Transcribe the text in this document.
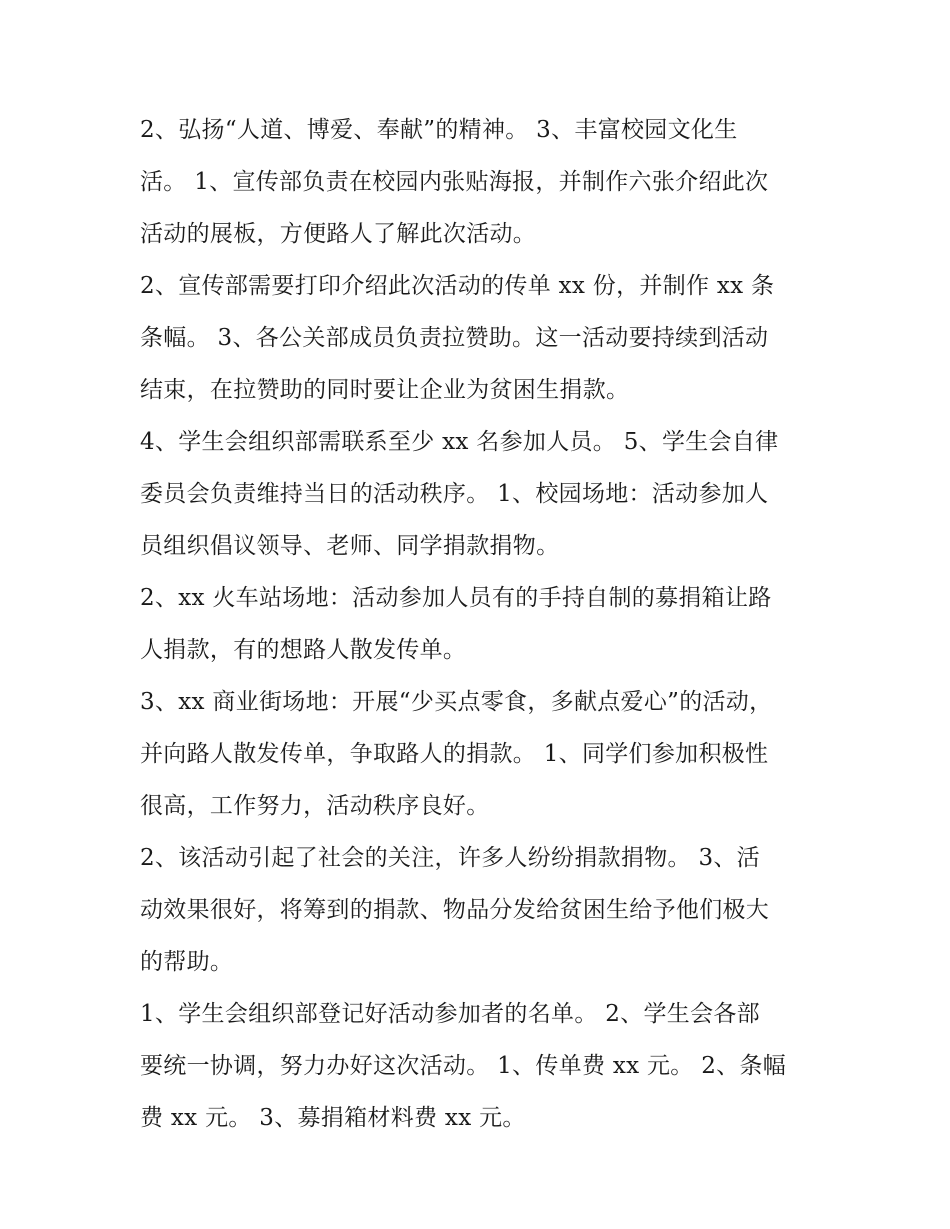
2、弘扬“人道、博爱、奉献”的精神。 3、丰富校园文化生
活。 1、宣传部负责在校园内张贴海报，并制作六张介绍此次
活动的展板，方便路人了解此次活动。
2、宣传部需要打印介绍此次活动的传单 xx 份，并制作 xx 条
条幅。 3、各公关部成员负责拉赞助。这一活动要持续到活动
结束，在拉赞助的同时要让企业为贫困生捐款。
4、学生会组织部需联系至少 xx 名参加人员。 5、学生会自律
委员会负责维持当日的活动秩序。 1、校园场地：活动参加人
员组织倡议领导、老师、同学捐款捐物。
2、xx 火车站场地：活动参加人员有的手持自制的募捐箱让路
人捐款，有的想路人散发传单。
3、xx 商业街场地：开展“少买点零食，多献点爱心”的活动，
并向路人散发传单，争取路人的捐款。 1、同学们参加积极性
很高，工作努力，活动秩序良好。
2、该活动引起了社会的关注，许多人纷纷捐款捐物。 3、活
动效果很好，将筹到的捐款、物品分发给贫困生给予他们极大
的帮助。
1、学生会组织部登记好活动参加者的名单。 2、学生会各部
要统一协调，努力办好这次活动。 1、传单费 xx 元。 2、条幅
费 xx 元。 3、募捐箱材料费 xx 元。
